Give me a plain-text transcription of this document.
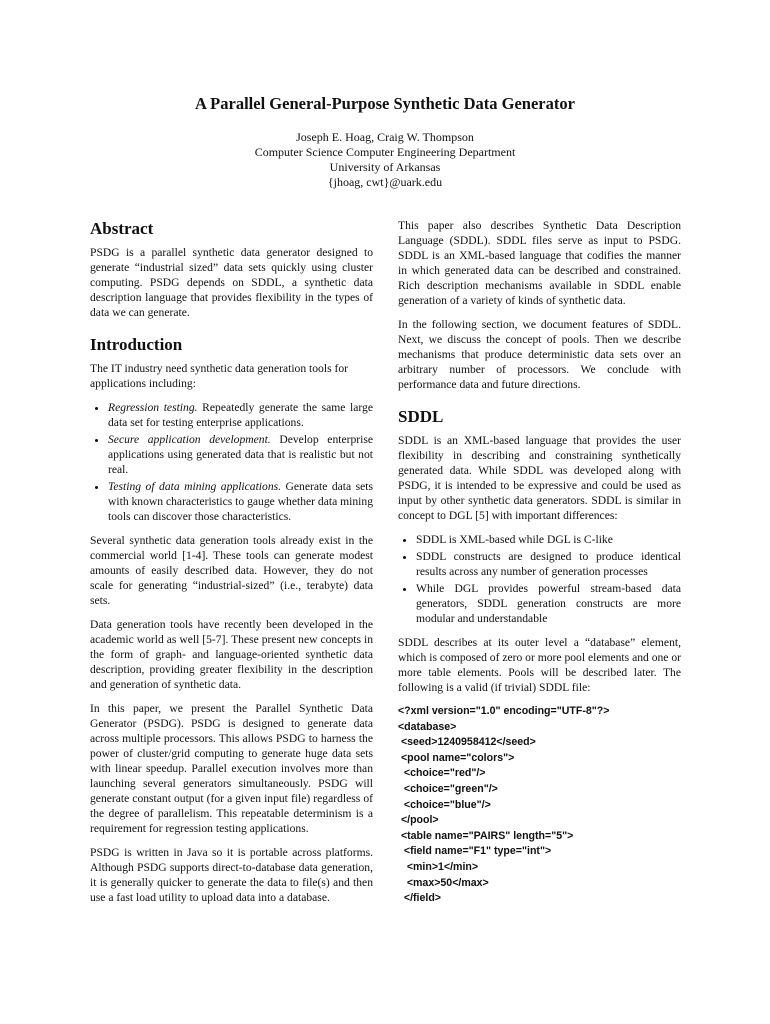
A Parallel General-Purpose Synthetic Data Generator
Joseph E. Hoag, Craig W. Thompson
Computer Science Computer Engineering Department
University of Arkansas
{jhoag, cwt}@uark.edu
Abstract

PSDG is a parallel synthetic data generator designed to generate “industrial sized” data sets quickly using cluster computing. PSDG depends on SDDL, a synthetic data description language that provides flexibility in the types of data we can generate.

Introduction

The IT industry need synthetic data generation tools for applications including:

• Regression testing. Repeatedly generate the same large data set for testing enterprise applications.
• Secure application development. Develop enterprise applications using generated data that is realistic but not real.
• Testing of data mining applications. Generate data sets with known characteristics to gauge whether data mining tools can discover those characteristics.

Several synthetic data generation tools already exist in the commercial world [1-4]. These tools can generate modest amounts of easily described data. However, they do not scale for generating “industrial-sized” (i.e., terabyte) data sets.

Data generation tools have recently been developed in the academic world as well [5-7]. These present new concepts in the form of graph- and language-oriented synthetic data description, providing greater flexibility in the description and generation of synthetic data.

In this paper, we present the Parallel Synthetic Data Generator (PSDG). PSDG is designed to generate data across multiple processors. This allows PSDG to harness the power of cluster/grid computing to generate huge data sets with linear speedup. Parallel execution involves more than launching several generators simultaneously. PSDG will generate constant output (for a given input file) regardless of the degree of parallelism. This repeatable determinism is a requirement for regression testing applications.

PSDG is written in Java so it is portable across platforms. Although PSDG supports direct-to-database data generation, it is generally quicker to generate the data to file(s) and then use a fast load utility to upload data into a database.

This paper also describes Synthetic Data Description Language (SDDL). SDDL files serve as input to PSDG. SDDL is an XML-based language that codifies the manner in which generated data can be described and constrained. Rich description mechanisms available in SDDL enable generation of a variety of kinds of synthetic data.

In the following section, we document features of SDDL. Next, we discuss the concept of pools. Then we describe mechanisms that produce deterministic data sets over an arbitrary number of processors. We conclude with performance data and future directions.

SDDL

SDDL is an XML-based language that provides the user flexibility in describing and constraining synthetically generated data. While SDDL was developed along with PSDG, it is intended to be expressive and could be used as input by other synthetic data generators. SDDL is similar in concept to DGL [5] with important differences:

• SDDL is XML-based while DGL is C-like
• SDDL constructs are designed to produce identical results across any number of generation processes
• While DGL provides powerful stream-based data generators, SDDL generation constructs are more modular and understandable

SDDL describes at its outer level a “database” element, which is composed of zero or more pool elements and one or more table elements. Pools will be described later. The following is a valid (if trivial) SDDL file:

<?xml version="1.0" encoding="UTF-8"?>
<database>
<seed>1240958412</seed>
<pool name="colors">
<choice="red"/>
<choice="green"/>
<choice="blue"/>
</pool>
<table name="PAIRS" length="5">
<field name="F1" type="int">
<min>1</min>
<max>50</max>
</field>
